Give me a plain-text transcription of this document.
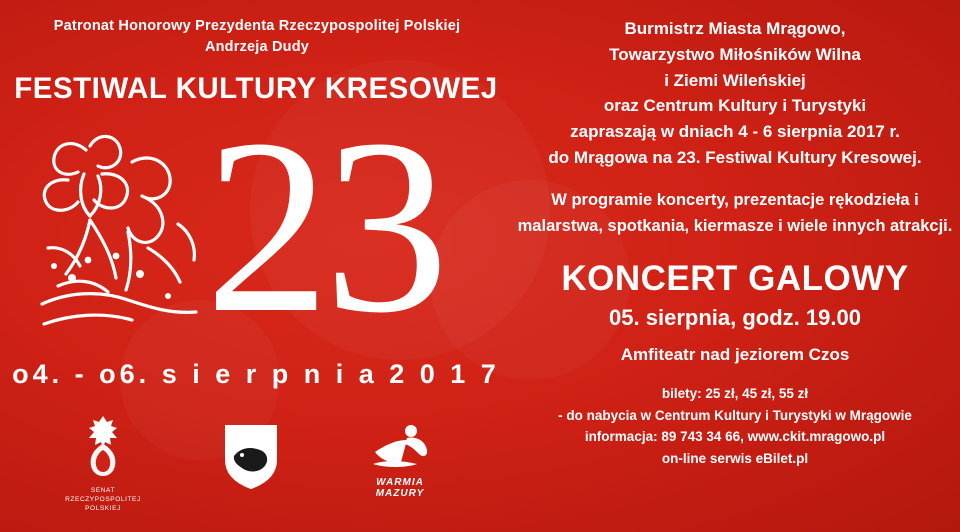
Patronat Honorowy Prezydenta Rzeczypospolitej Polskiej Andrzeja Dudy
FESTIWAL KULTURY KRESOWEJ
23
o4. - o6. s i e r p n i a 2 0 1 7
SENAT
RZECZYPOSPOLITEJ
POLSKIEJ
WARMIA
MAZURY
Burmistrz Miasta Mrągowo,
Towarzystwo Miłośników Wilna
i Ziemi Wileńskiej
oraz Centrum Kultury i Turystyki
zapraszają w dniach 4 - 6 sierpnia 2017 r.
do Mrągowa na 23. Festiwal Kultury Kresowej.
W programie koncerty, prezentacje rękodzieła i malarstwa, spotkania, kiermasze i wiele innych atrakcji.
KONCERT GALOWY
05. sierpnia, godz. 19.00
Amfiteatr nad jeziorem Czos
bilety: 25 zł, 45 zł, 55 zł
- do nabycia w Centrum Kultury i Turystyki w Mrągowie
informacja: 89 743 34 66, www.ckit.mragowo.pl
on-line serwis eBilet.pl
